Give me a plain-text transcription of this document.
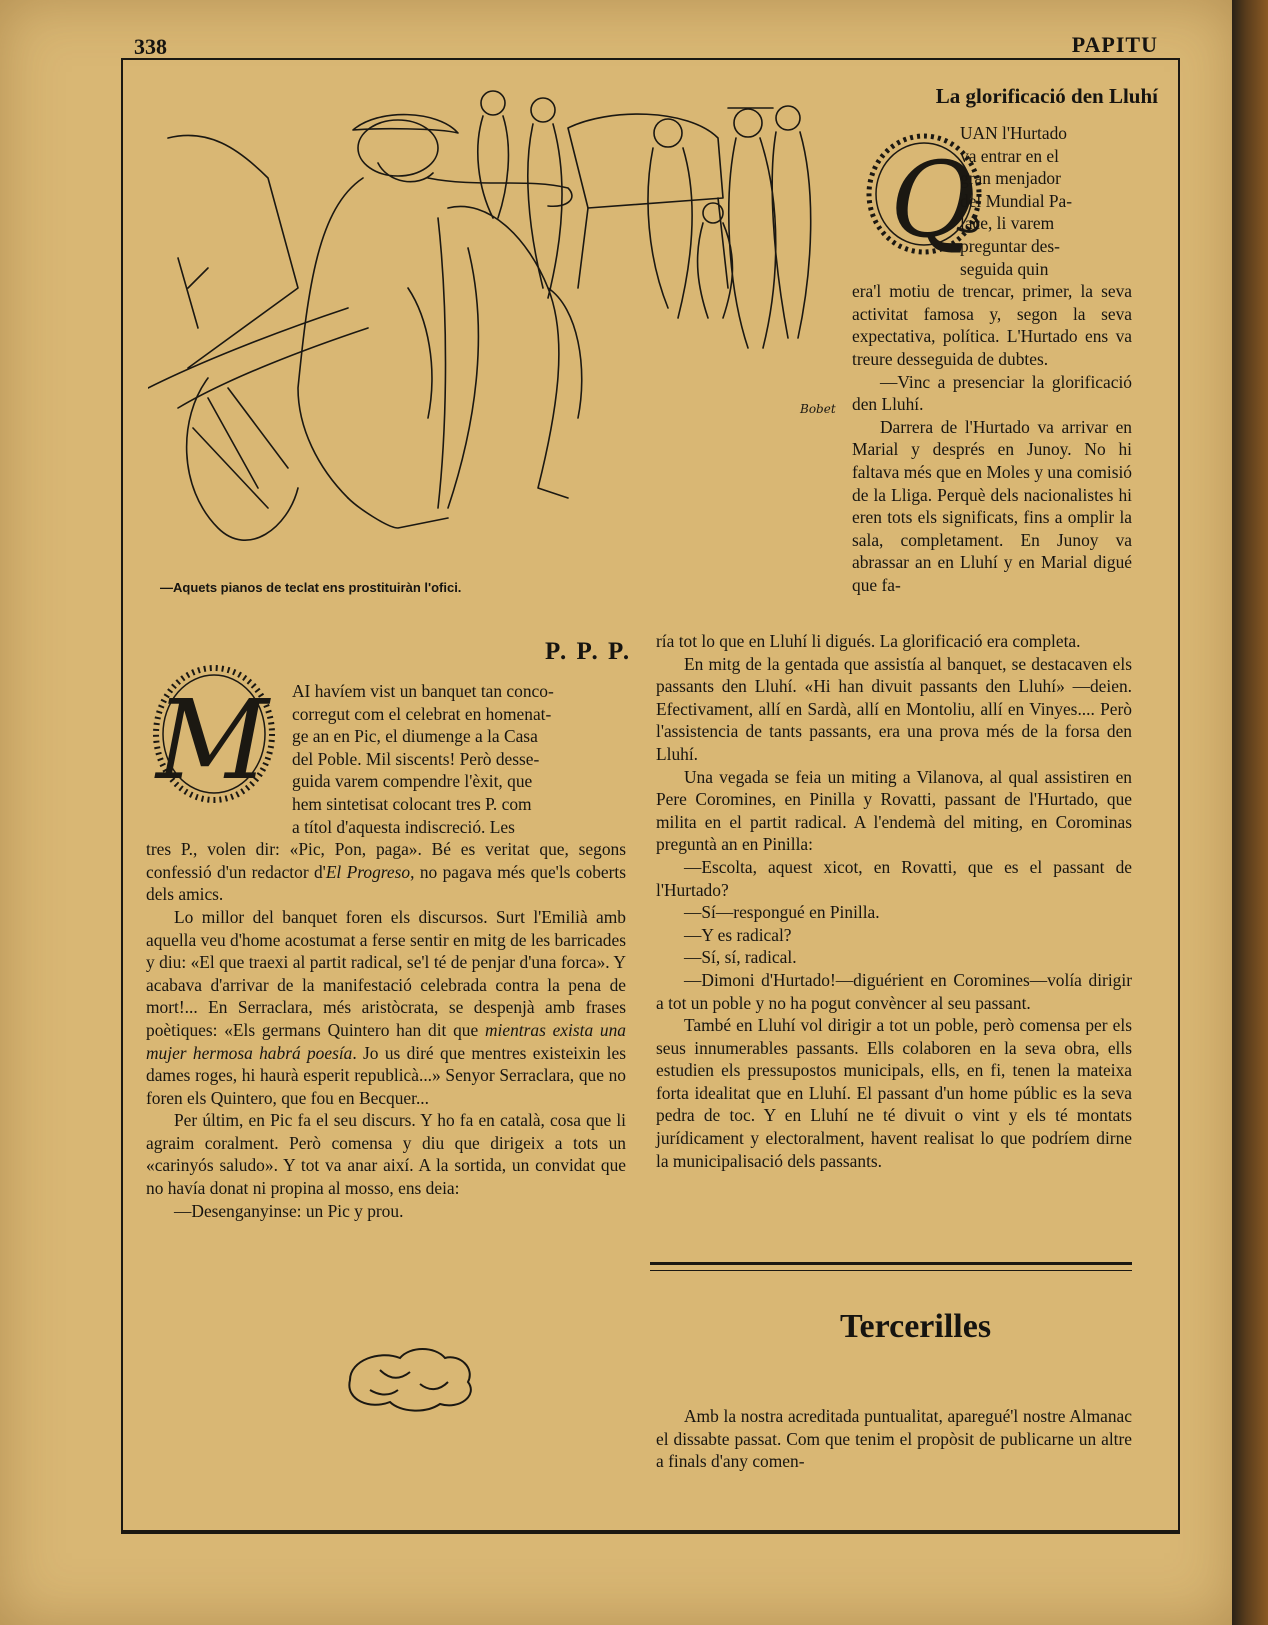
338	PAPITU
Bobet
—Aquets pianos de teclat ens prostituiràn l'ofici.
La glorificació den Lluhí
Q
UAN l'Hurtado
va entrar en el
gran menjador
del Mundial Pa-
lace, li varem
preguntar des-
seguida quin

era'l motiu de trencar, primer, la seva activitat famosa y, segon la seva expectativa, política. L'Hurtado ens va treure desseguida de dubtes.

—Vinc a presenciar la glorificació den Lluhí.

Darrera de l'Hurtado va arrivar en Marial y després en Junoy. No hi faltava més que en Moles y una comisió de la Lliga. Perquè dels nacionalistes hi eren tots els significats, fins a omplir la sala, completament. En Junoy va abrassar an en Lluhí y en Marial digué que fa-

P. P. P.
M AI havíem vist un banquet tan conco-
corregut com el celebrat en homenat-
ge an en Pic, el diumenge a la Casa
del Poble. Mil siscents! Però desse-
guida varem compendre l'èxit, que
hem sintetisat colocant tres P. com
a títol d'aquesta indiscreció. Les

tres P., volen dir: «Pic, Pon, paga». Bé es veritat que, segons confessió d'un redactor d'El Progreso, no pagava més que'ls coberts dels amics.

Lo millor del banquet foren els discursos. Surt l'Emilià amb aquella veu d'home acostumat a ferse sentir en mitg de les barricades y diu: «El que traexi al partit radical, se'l té de penjar d'una forca». Y acabava d'arrivar de la manifestació celebrada contra la pena de mort!... En Serraclara, més aristòcrata, se despenjà amb frases poètiques: «Els germans Quintero han dit que mientras exista una mujer hermosa habrá poesía. Jo us diré que mentres existeixin les dames roges, hi haurà esperit republicà...» Senyor Serraclara, que no foren els Quintero, que fou en Becquer...

Per últim, en Pic fa el seu discurs. Y ho fa en català, cosa que li agraim coralment. Però comensa y diu que dirigeix a tots un «carinyós saludo». Y tot va anar així. A la sortida, un convidat que no havía donat ni propina al mosso, ens deia:

—Desenganyinse: un Pic y prou.

ría tot lo que en Lluhí li digués. La glorificació era completa.

En mitg de la gentada que assistía al banquet, se destacaven els passants den Lluhí. «Hi han divuit passants den Lluhí» —deien. Efectivament, allí en Sardà, allí en Montoliu, allí en Vinyes.... Però l'assistencia de tants passants, era una prova més de la forsa den Lluhí.

Una vegada se feia un miting a Vilanova, al qual assistiren en Pere Coromines, en Pinilla y Rovatti, passant de l'Hurtado, que milita en el partit radical. A l'endemà del miting, en Corominas preguntà an en Pinilla:

—Escolta, aquest xicot, en Rovatti, que es el passant de l'Hurtado?

—Sí—respongué en Pinilla.

—Y es radical?

—Sí, sí, radical.

—Dimoni d'Hurtado!—diguérient en Coromines—volía dirigir a tot un poble y no ha pogut convèncer al seu passant.

També en Lluhí vol dirigir a tot un poble, però comensa per els seus innumerables passants. Ells colaboren en la seva obra, ells estudien els pressupostos municipals, ells, en fi, tenen la mateixa forta idealitat que en Lluhí. El passant d'un home públic es la seva pedra de toc. Y en Lluhí ne té divuit o vint y els té montats jurídicament y electoralment, havent realisat lo que podríem dirne la municipalisació dels passants.

Tercerilles

Amb la nostra acreditada puntualitat, aparegué'l nostre Almanac el dissabte passat. Com que tenim el propòsit de publicarne un altre a finals d'any comen-
